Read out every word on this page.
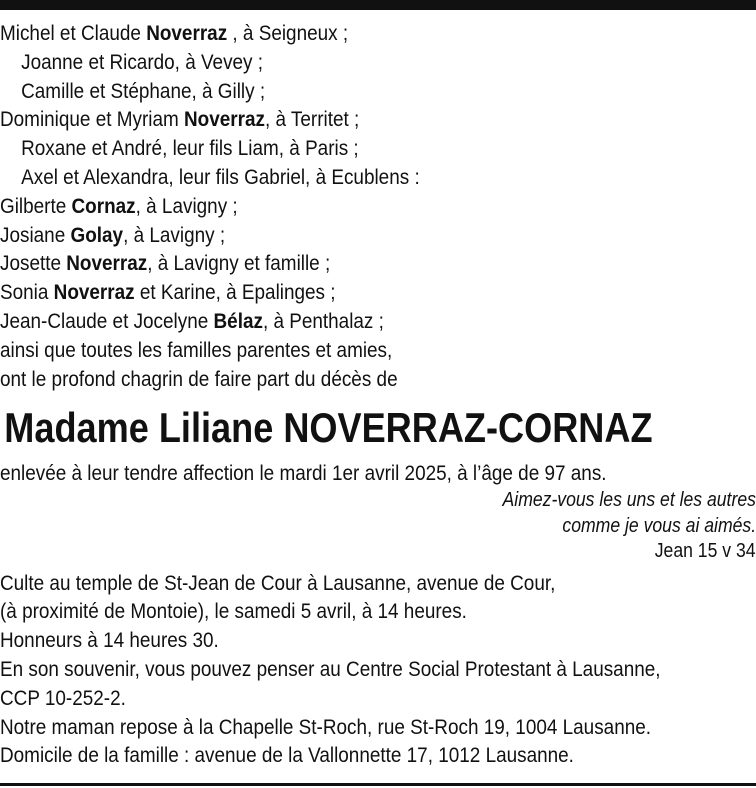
Michel et Claude Noverraz , à Seigneux ;
Joanne et Ricardo, à Vevey ;
Camille et Stéphane, à Gilly ;
Dominique et Myriam Noverraz, à Territet ;
Roxane et André, leur fils Liam, à Paris ;
Axel et Alexandra, leur fils Gabriel, à Ecublens :
Gilberte Cornaz, à Lavigny ;
Josiane Golay, à Lavigny ;
Josette Noverraz, à Lavigny et famille ;
Sonia Noverraz et Karine, à Epalinges ;
Jean-Claude et Jocelyne Bélaz, à Penthalaz ;
ainsi que toutes les familles parentes et amies,
ont le profond chagrin de faire part du décès de
Madame Liliane NOVERRAZ-CORNAZ
enlevée à leur tendre affection le mardi 1er avril 2025, à l’âge de 97 ans.
Aimez-vous les uns et les autres
comme je vous ai aimés.
Jean 15 v 34
Culte au temple de St-Jean de Cour à Lausanne, avenue de Cour,
(à proximité de Montoie), le samedi 5 avril, à 14 heures.
Honneurs à 14 heures 30.
En son souvenir, vous pouvez penser au Centre Social Protestant à Lausanne,
CCP 10-252-2.
Notre maman repose à la Chapelle St-Roch, rue St-Roch 19, 1004 Lausanne.
Domicile de la famille : avenue de la Vallonnette 17, 1012 Lausanne.
